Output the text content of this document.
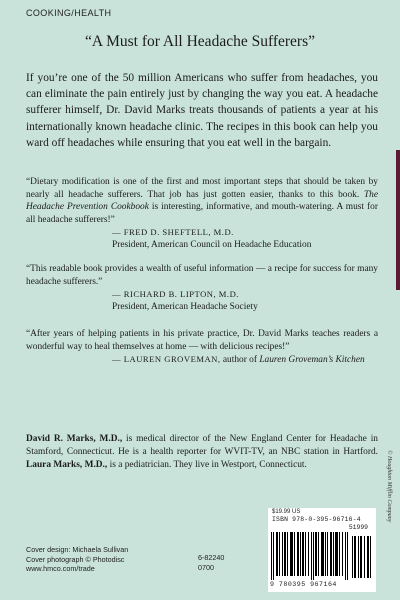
COOKING/HEALTH
“A Must for All Headache Sufferers”
If you’re one of the 50 million Americans who suffer from headaches, you can eliminate the pain entirely just by changing the way you eat. A headache sufferer himself, Dr. David Marks treats thousands of patients a year at his internationally known headache clinic. The recipes in this book can help you ward off headaches while ensuring that you eat well in the bargain.
“Dietary modification is one of the first and most important steps that should be taken by nearly all headache sufferers. That job has just gotten easier, thanks to this book. The Headache Prevention Cookbook is interesting, informative, and mouth-watering. A must for all headache sufferers!”
— FRED D. SHEFTELL, M.D.
President, American Council on Headache Education
“This readable book provides a wealth of useful information — a recipe for success for many headache sufferers.”
— RICHARD B. LIPTON, M.D.
President, American Headache Society
“After years of helping patients in his private practice, Dr. David Marks teaches readers a wonderful way to heal themselves at home — with delicious recipes!”
— LAUREN GROVEMAN, author of Lauren Groveman’s Kitchen
David R. Marks, M.D., is medical director of the New England Center for Headache in Stamford, Connecticut. He is a health reporter for WVIT-TV, an NBC station in Hartford. Laura Marks, M.D., is a pediatrician. They live in Westport, Connecticut.
Cover design: Michaela Sullivan
Cover photograph © Photodisc
www.hmco.com/trade
6-82240
0700
$19.99 US
ISBN 978-0-395-96716-4
51999
9 780395 967164
© Houghton Mifflin Company
